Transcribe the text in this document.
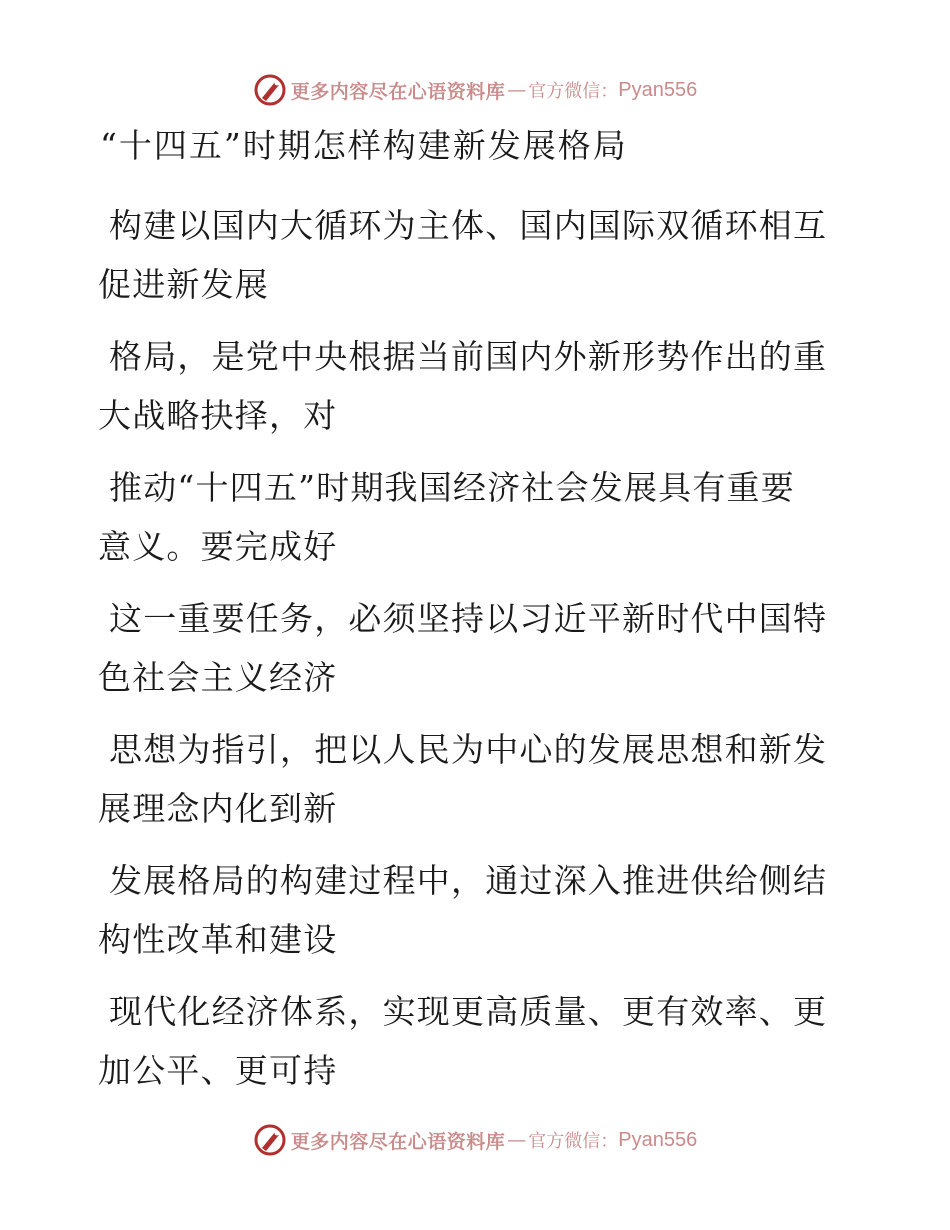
更多内容尽在心语资料库 — 官方微信： Pyan556
“十四五”时期怎样构建新发展格局
构建以国内大循环为主体、国内国际双循环相互
促进新发展
格局，是党中央根据当前国内外新形势作出的重
大战略抉择，对
推动“十四五”时期我国经济社会发展具有重要
意义。要完成好
这一重要任务，必须坚持以习近平新时代中国特
色社会主义经济
思想为指引，把以人民为中心的发展思想和新发
展理念内化到新
发展格局的构建过程中，通过深入推进供给侧结
构性改革和建设
现代化经济体系，实现更高质量、更有效率、更
加公平、更可持
更多内容尽在心语资料库 — 官方微信： Pyan556
